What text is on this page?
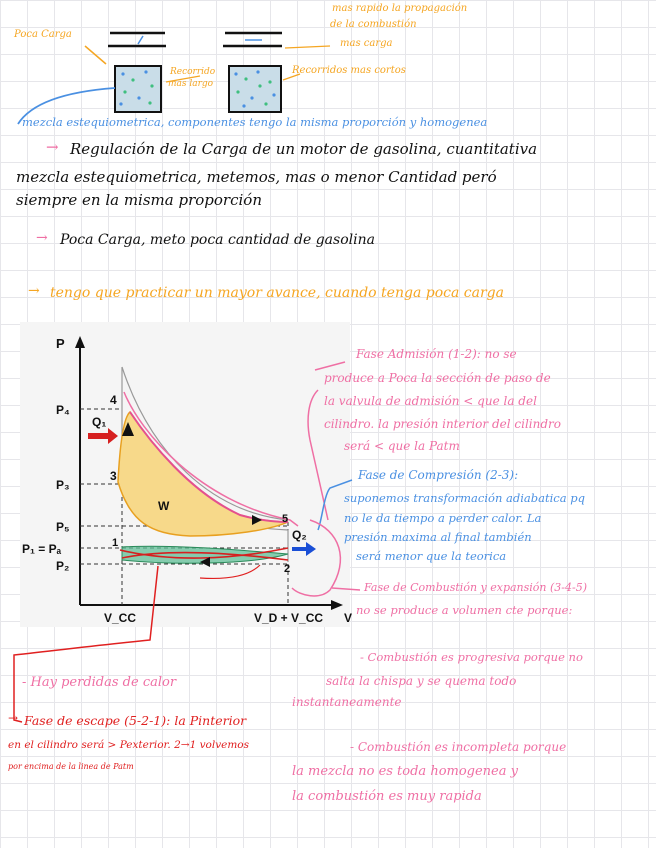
Poca Carga
mas rapido la propagación
de la combustión
mas carga
Recorrido
mas largo
Recorridos mas cortos
mezcla estequiometrica, componentes tengo la misma proporción y homogenea
→ Regulación de la Carga de un motor de gasolina, cuantitativa
mezcla estequiometrica, metemos, mas o menor Cantidad peró
siempre en la misma proporción
→ Poca Carga, meto poca cantidad de gasolina
→ tengo que practicar un mayor avance, cuando tenga poca carga
P
V
P₄
P₃
P₅
P₁ = Pₐ
P₂
V_CC	V_D + V_CC
Q₁
Q₂
W
4
3
5
1
2
Fase Admisión (1-2): no se
produce a Poca la sección de paso de
la valvula de admisión < que la del
cilindro. la presión interior del cilindro
será < que la Patm
Fase de Compresión (2-3):
suponemos transformación adiabatica pq
no le da tiempo a perder calor. La
presión maxima al final también
será menor que la teorica
Fase de Combustión y expansión (3-4-5)
no se produce a volumen cte porque:
- Combustión es progresiva porque no
salta la chispa y se quema todo
instantaneamente
- Combustión es incompleta porque
la mezcla no es toda homogenea y
la combustión es muy rapida
- Hay perdidas de calor
→ Fase de escape (5-2-1): la Pinterior
en el cilindro será > Pexterior. 2→1 volvemos
por encima de la linea de Patm
